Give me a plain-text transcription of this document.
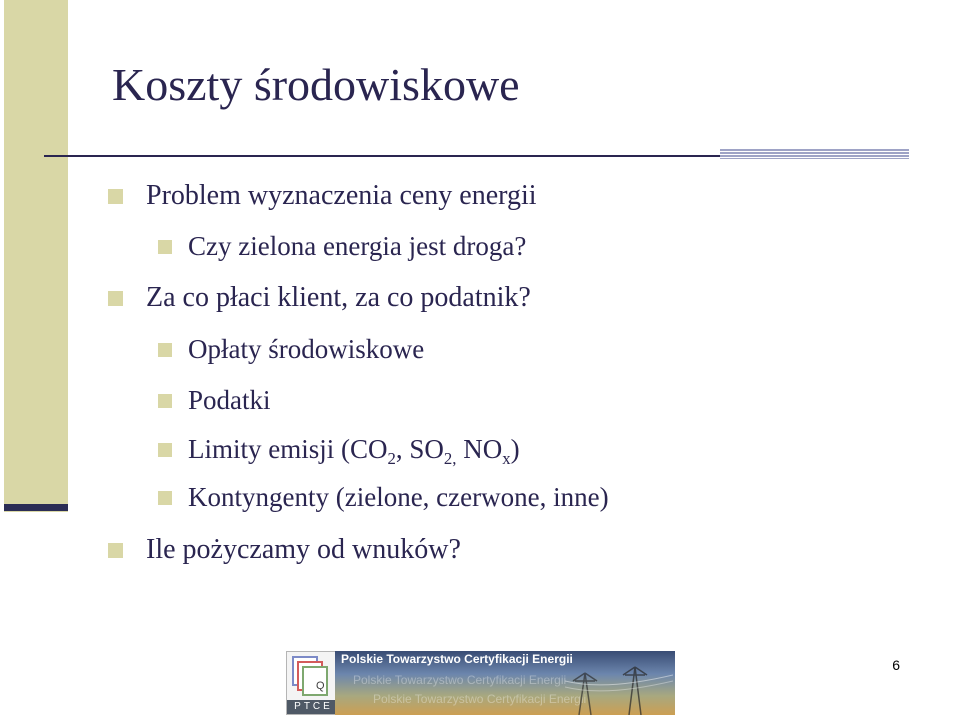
Koszty środowiskowe
Problem wyznaczenia ceny energii
Czy zielona energia jest droga?
Za co płaci klient, za co podatnik?
Opłaty środowiskowe
Podatki
Limity emisji ($CO_2$, $SO_{2,}$ $NO_x$)
Kontyngenty (zielone, czerwone, inne)
Ile pożyczamy od wnuków?
Q
PTCE
Polskie Towarzystwo Certyfikacji Energii
Polskie Towarzystwo Certyfikacji Energii
Polskie Towarzystwo Certyfikacji Energii
6
